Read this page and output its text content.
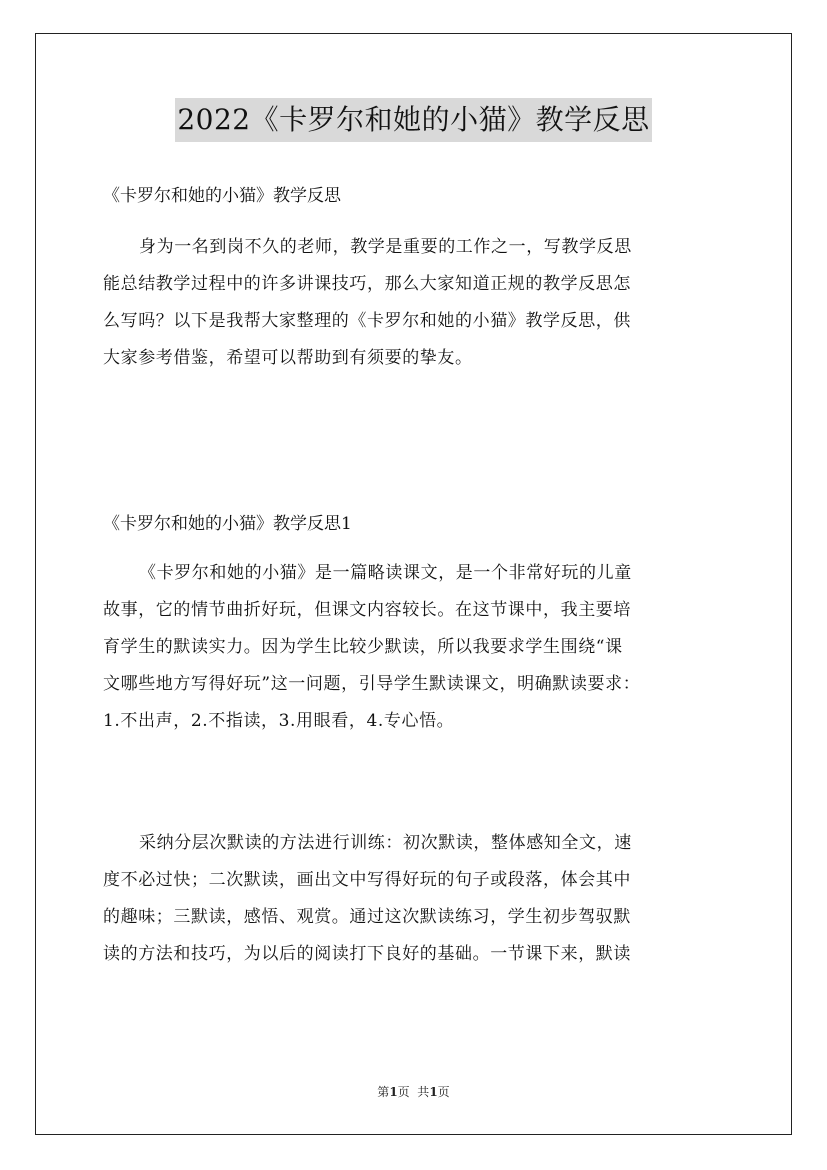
2022《卡罗尔和她的小猫》教学反思

《卡罗尔和她的小猫》教学反思

身为一名到岗不久的老师，教学是重要的工作之一，写教学反思
能总结教学过程中的许多讲课技巧，那么大家知道正规的教学反思怎
么写吗？以下是我帮大家整理的《卡罗尔和她的小猫》教学反思，供
大家参考借鉴，希望可以帮助到有须要的挚友。

《卡罗尔和她的小猫》教学反思1

《卡罗尔和她的小猫》是一篇略读课文，是一个非常好玩的儿童
故事，它的情节曲折好玩，但课文内容较长。在这节课中，我主要培
育学生的默读实力。因为学生比较少默读，所以我要求学生围绕“课
文哪些地方写得好玩”这一问题，引导学生默读课文，明确默读要求：
1.不出声，2.不指读，3.用眼看，4.专心悟。
采纳分层次默读的方法进行训练：初次默读，整体感知全文，速
度不必过快；二次默读，画出文中写得好玩的句子或段落，体会其中
的趣味；三默读，感悟、观赏。通过这次默读练习，学生初步驾驭默
读的方法和技巧，为以后的阅读打下良好的基础。一节课下来，默读
第1页  共1页
